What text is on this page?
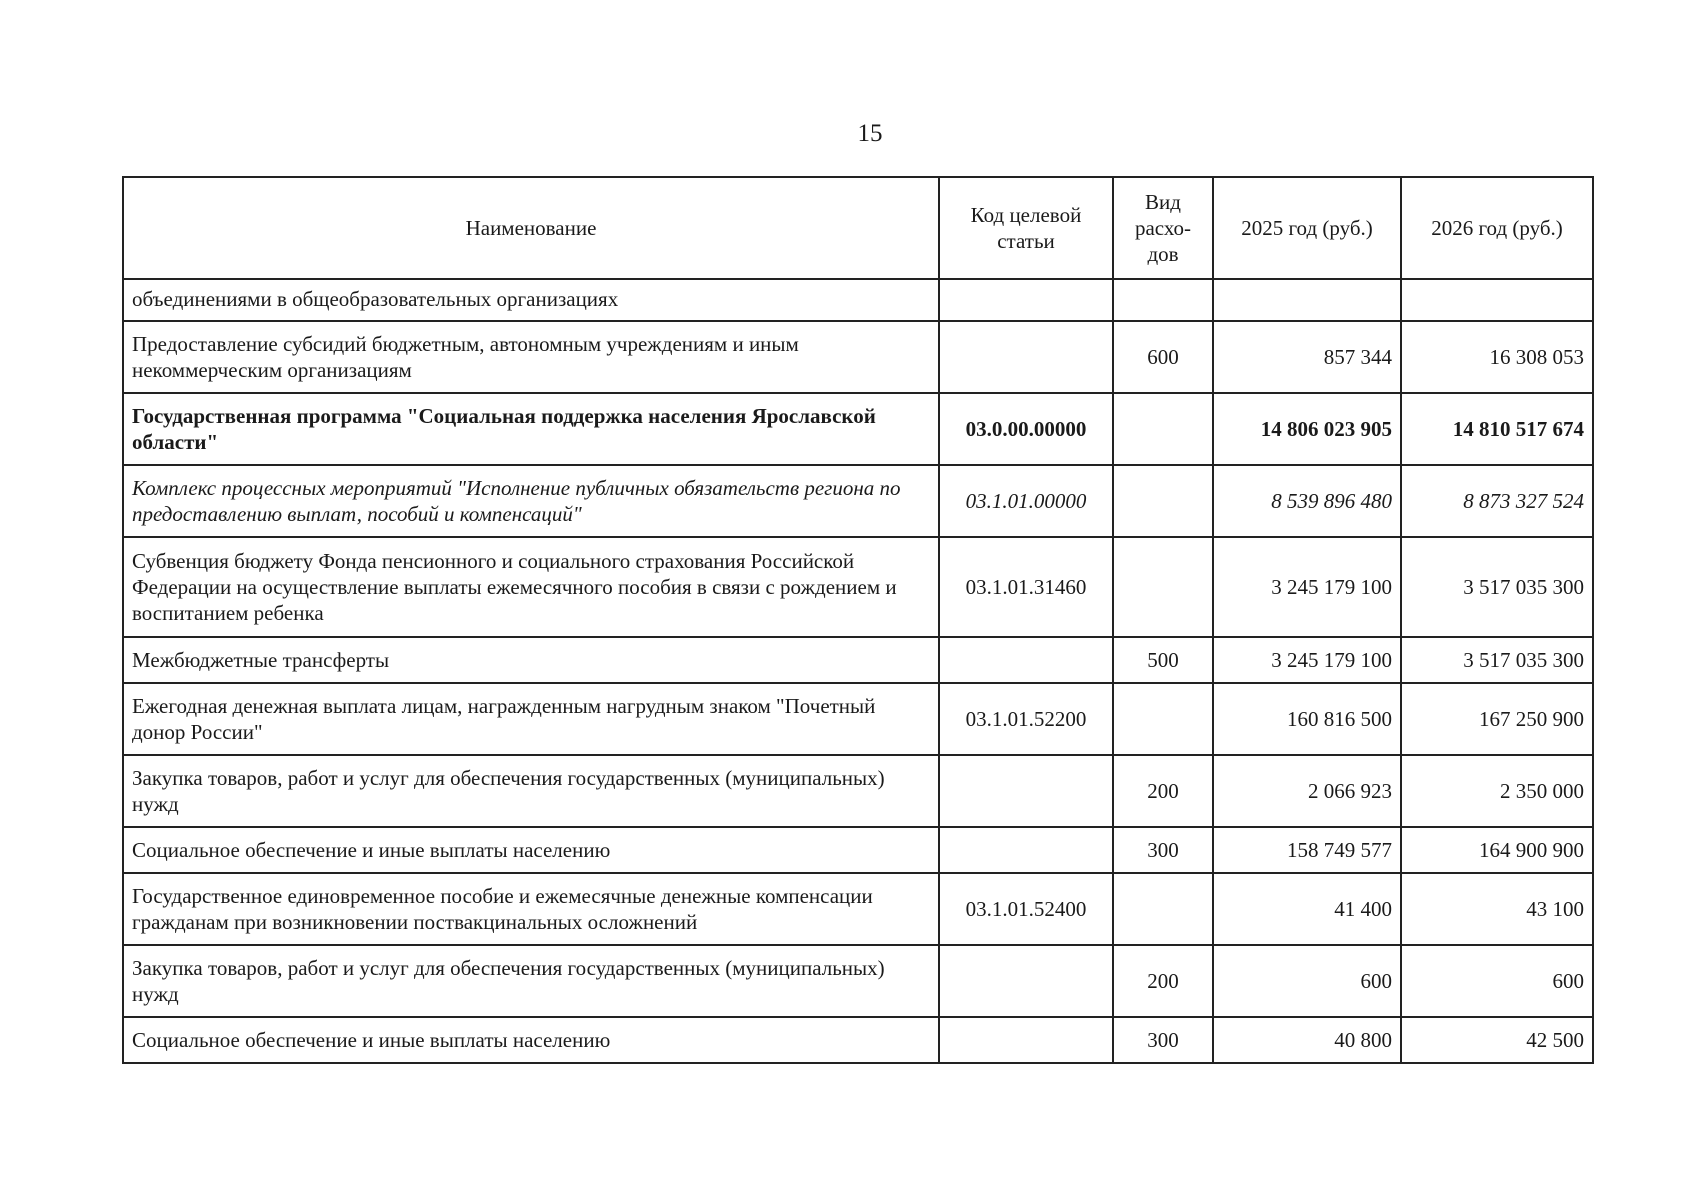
15
Наименование	Код целевой статьи	Вид расхо-дов	2025 год (руб.)	2026 год (руб.)
объединениями в общеобразовательных организациях				
Предоставление субсидий бюджетным, автономным учреждениям и иным некоммерческим организациям		600	857 344	16 308 053
Государственная программа "Социальная поддержка населения Ярославской области"	03.0.00.00000		14 806 023 905	14 810 517 674
Комплекс процессных мероприятий "Исполнение публичных обязательств региона по предоставлению выплат, пособий и компенсаций"	03.1.01.00000		8 539 896 480	8 873 327 524
Субвенция бюджету Фонда пенсионного и социального страхования Российской Федерации на осуществление выплаты ежемесячного пособия в связи с рождением и воспитанием ребенка	03.1.01.31460		3 245 179 100	3 517 035 300
Межбюджетные трансферты		500	3 245 179 100	3 517 035 300
Ежегодная денежная выплата лицам, награжденным нагрудным знаком "Почетный донор России"	03.1.01.52200		160 816 500	167 250 900
Закупка товаров, работ и услуг для обеспечения государственных (муниципальных) нужд		200	2 066 923	2 350 000
Социальное обеспечение и иные выплаты населению		300	158 749 577	164 900 900
Государственное единовременное пособие и ежемесячные денежные компенсации гражданам при возникновении поствакцинальных осложнений	03.1.01.52400		41 400	43 100
Закупка товаров, работ и услуг для обеспечения государственных (муниципальных) нужд		200	600	600
Социальное обеспечение и иные выплаты населению		300	40 800	42 500
